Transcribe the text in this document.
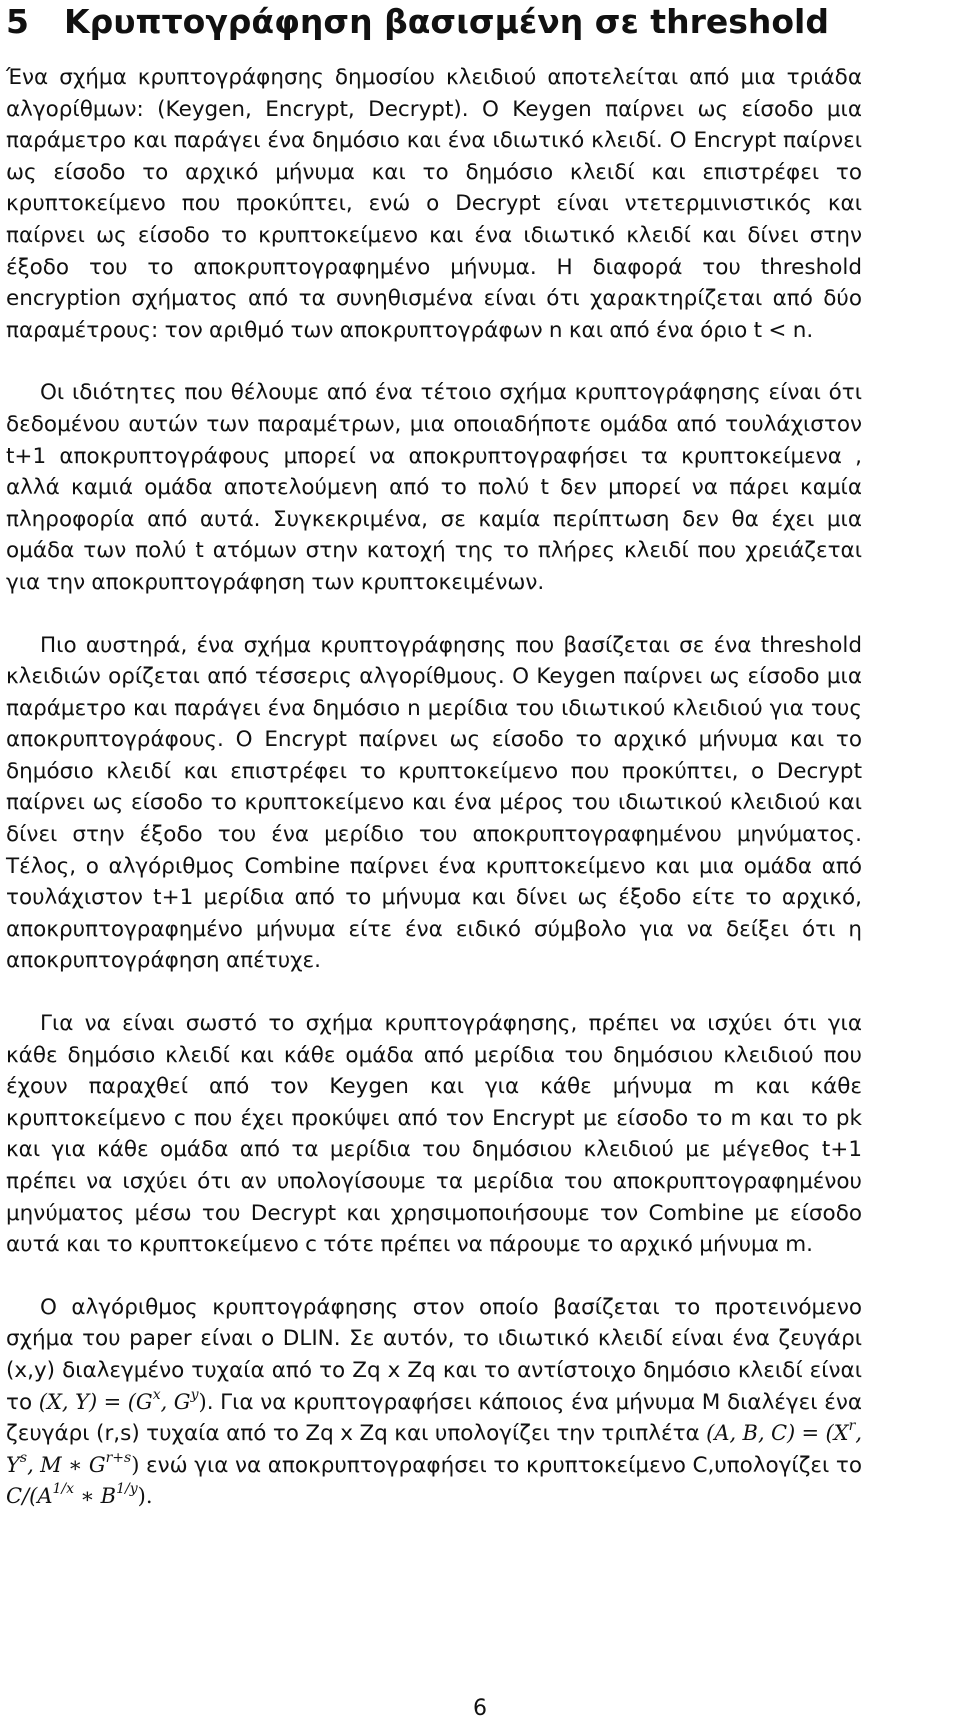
5 Κρυπτογράφηση βασισμένη σε threshold

Ένα σχήμα κρυπτογράφησης δημοσίου κλειδιού αποτελείται από μια τριάδα αλγορίθμων: (Keygen, Encrypt, Decrypt). Ο Keygen παίρνει ως είσοδο μια παράμετρο και παράγει ένα δημόσιο και ένα ιδιωτικό κλειδί. Ο Encrypt παίρνει ως είσοδο το αρχικό μήνυμα και το δημόσιο κλειδί και επιστρέφει το κρυπτοκείμενο που προκύπτει, ενώ ο Decrypt είναι ντετερμινιστικός και παίρνει ως είσοδο το κρυπτοκείμενο και ένα ιδιωτικό κλειδί και δίνει στην έξοδο του το αποκρυπτογραφημένο μήνυμα. Η διαφορά του threshold encryption σχήματος από τα συνηθισμένα είναι ότι χαρακτηρίζεται από δύο παραμέτρους: τον αριθμό των αποκρυπτογράφων n και από ένα όριο t < n.

Οι ιδιότητες που θέλουμε από ένα τέτοιο σχήμα κρυπτογράφησης είναι ότι δεδομένου αυτών των παραμέτρων, μια οποιαδήποτε ομάδα από τουλάχιστον t+1 αποκρυπτογράφους μπορεί να αποκρυπτογραφήσει τα κρυπτοκείμενα , αλλά καμιά ομάδα αποτελούμενη από το πολύ t δεν μπορεί να πάρει καμία πληροφορία από αυτά. Συγκεκριμένα, σε καμία περίπτωση δεν θα έχει μια ομάδα των πολύ t ατόμων στην κατοχή της το πλήρες κλειδί που χρειάζεται για την αποκρυπτογράφηση των κρυπτοκειμένων.

Πιο αυστηρά, ένα σχήμα κρυπτογράφησης που βασίζεται σε ένα threshold κλειδιών ορίζεται από τέσσερις αλγορίθμους. Ο Keygen παίρνει ως είσοδο μια παράμετρο και παράγει ένα δημόσιο n μερίδια του ιδιωτικού κλειδιού για τους αποκρυπτογράφους. Ο Encrypt παίρνει ως είσοδο το αρχικό μήνυμα και το δημόσιο κλειδί και επιστρέφει το κρυπτοκείμενο που προκύπτει, ο Decrypt παίρνει ως είσοδο το κρυπτοκείμενο και ένα μέρος του ιδιωτικού κλειδιού και δίνει στην έξοδο του ένα μερίδιο του αποκρυπτογραφημένου μηνύματος. Τέλος, ο αλγόριθμος Combine παίρνει ένα κρυπτοκείμενο και μια ομάδα από τουλάχιστον t+1 μερίδια από το μήνυμα και δίνει ως έξοδο είτε το αρχικό, αποκρυπτογραφημένο μήνυμα είτε ένα ειδικό σύμβολο για να δείξει ότι η αποκρυπτογράφηση απέτυχε.

Για να είναι σωστό το σχήμα κρυπτογράφησης, πρέπει να ισχύει ότι για κάθε δημόσιο κλειδί και κάθε ομάδα από μερίδια του δημόσιου κλειδιού που έχουν παραχθεί από τον Keygen και για κάθε μήνυμα m και κάθε κρυπτοκείμενο c που έχει προκύψει από τον Encrypt με είσοδο το m και το pk και για κάθε ομάδα από τα μερίδια του δημόσιου κλειδιού με μέγεθος t+1 πρέπει να ισχύει ότι αν υπολογίσουμε τα μερίδια του αποκρυπτογραφημένου μηνύματος μέσω του Decrypt και χρησιμοποιήσουμε τον Combine με είσοδο αυτά και το κρυπτοκείμενο c τότε πρέπει να πάρουμε το αρχικό μήνυμα m.

Ο αλγόριθμος κρυπτογράφησης στον οποίο βασίζεται το προτεινόμενο σχήμα του paper είναι ο DLIN. Σε αυτόν, το ιδιωτικό κλειδί είναι ένα ζευγάρι (x,y) διαλεγμένο τυχαία από το Zq x Zq και το αντίστοιχο δημόσιο κλειδί είναι το (X, $Y) = (G^x$, $G^y$). Για να κρυπτογραφήσει κάποιος ένα μήνυμα M διαλέγει ένα ζευγάρι (r,s) τυχαία από το Zq x Zq και υπολογίζει την τριπλέτα (A, B, $C) = (X^r$, $Y^s$, M ∗ $G^{r+s}$) ενώ για να αποκρυπτογραφήσει το κρυπτοκείμενο C,υπολογίζει το $C/(A^{1/x}$ ∗ $B^{1/y}$).

6
